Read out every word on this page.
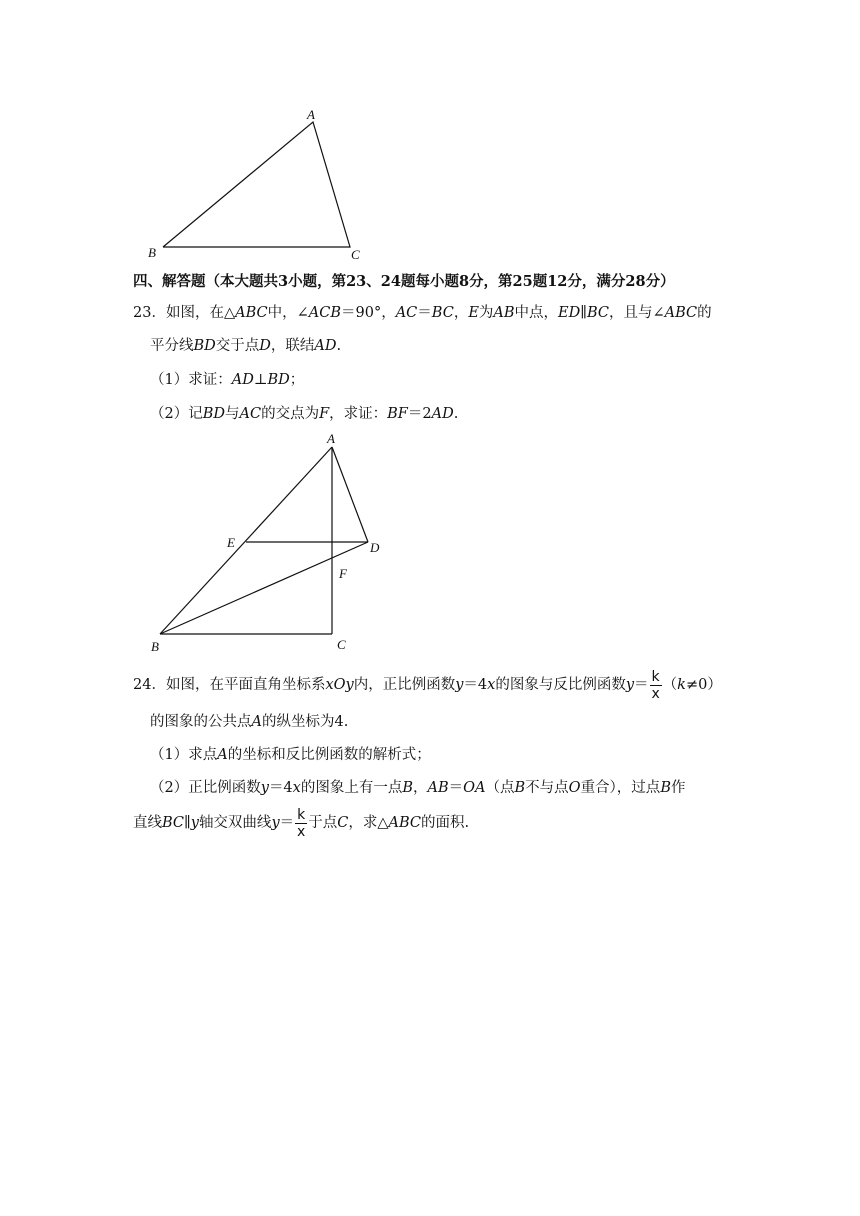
A
B	C
四、解答题（本大题共3小题，第23、24题每小题8分，第25题12分，满分28分）
23．如图，在△ABC中，∠ACB＝90°，AC＝BC，E为AB中点，ED∥BC，且与∠ABC的
平分线BD交于点D，联结AD.
（1）求证：AD⊥BD；
（2）记BD与AC的交点为F，求证：BF＝2AD.
A
E	D
F
B	C
24．如图，在平面直角坐标系xOy内，正比例函数y＝4x的图象与反比例函数$y= \frac{k}{x} (k\ne 0)$
的图象的公共点A的纵坐标为4.
（1）求点A的坐标和反比例函数的解析式；
（2）正比例函数y＝4x的图象上有一点B，AB＝OA（点B不与点O重合），过点B作
直线BC∥y轴交双曲线$y= \frac{k}{x}$ 于点C，求△ABC的面积.
